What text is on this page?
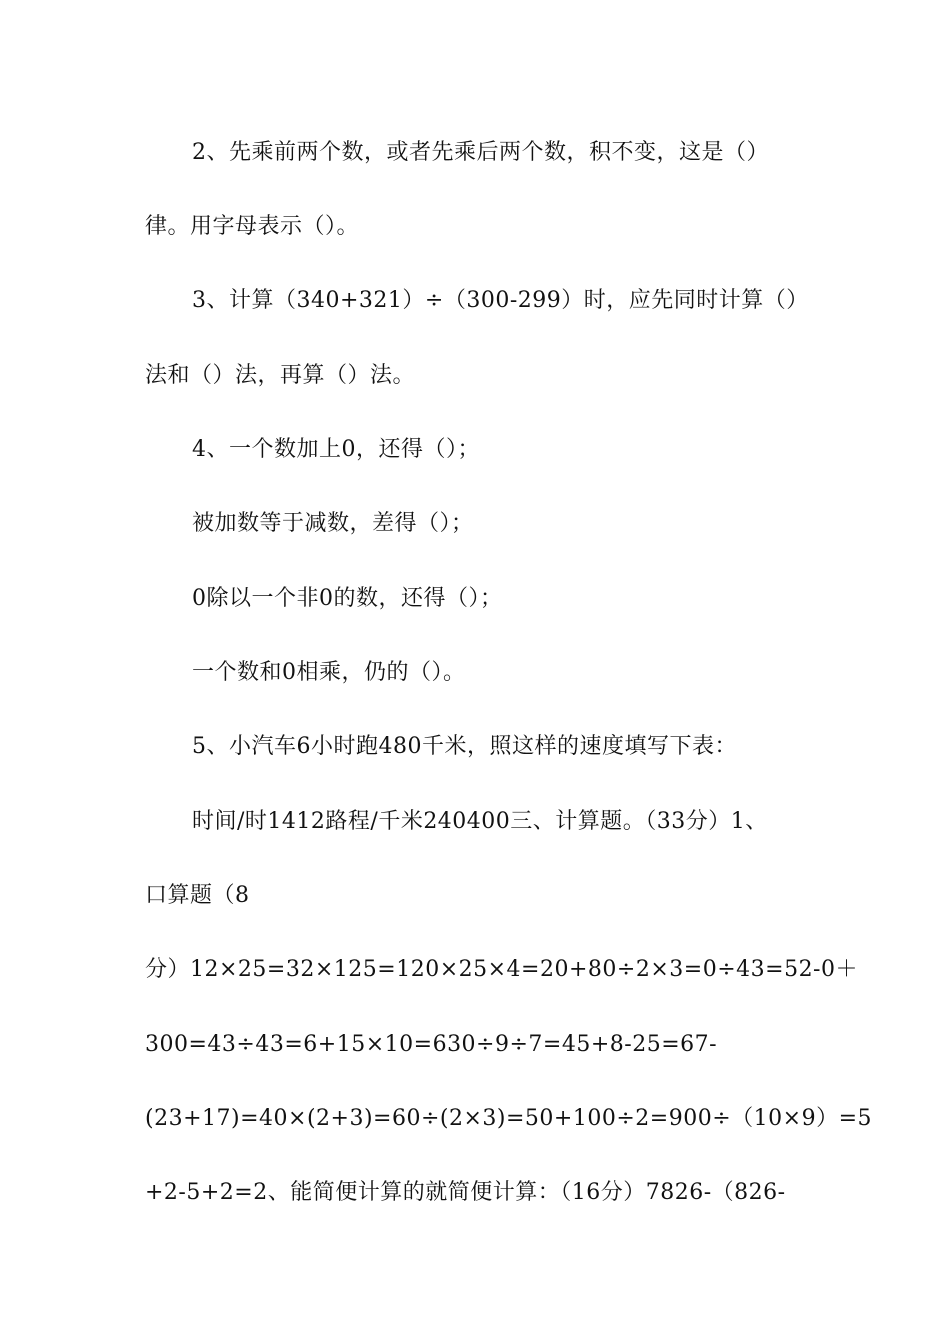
2、先乘前两个数，或者先乘后两个数，积不变，这是（）
律。用字母表示（）。
3、计算（340+321）÷（300-299）时，应先同时计算（）
法和（）法，再算（）法。
4、一个数加上0，还得（）；
被加数等于减数，差得（）；
0除以一个非0的数，还得（）；
一个数和0相乘，仍的（）。
5、小汽车6小时跑480千米，照这样的速度填写下表：
时间/时1412路程/千米240400三、计算题。（33分）1、
口算题（8
分）12×25=32×125=120×25×4=20+80÷2×3=0÷43=52-0＋
300=43÷43=6+15×10=630÷9÷7=45+8-25=67-
(23+17)=40×(2+3)=60÷(2×3)=50+100÷2=900÷（10×9）=5
+2-5+2=2、能简便计算的就简便计算：（16分）7826-（826-
